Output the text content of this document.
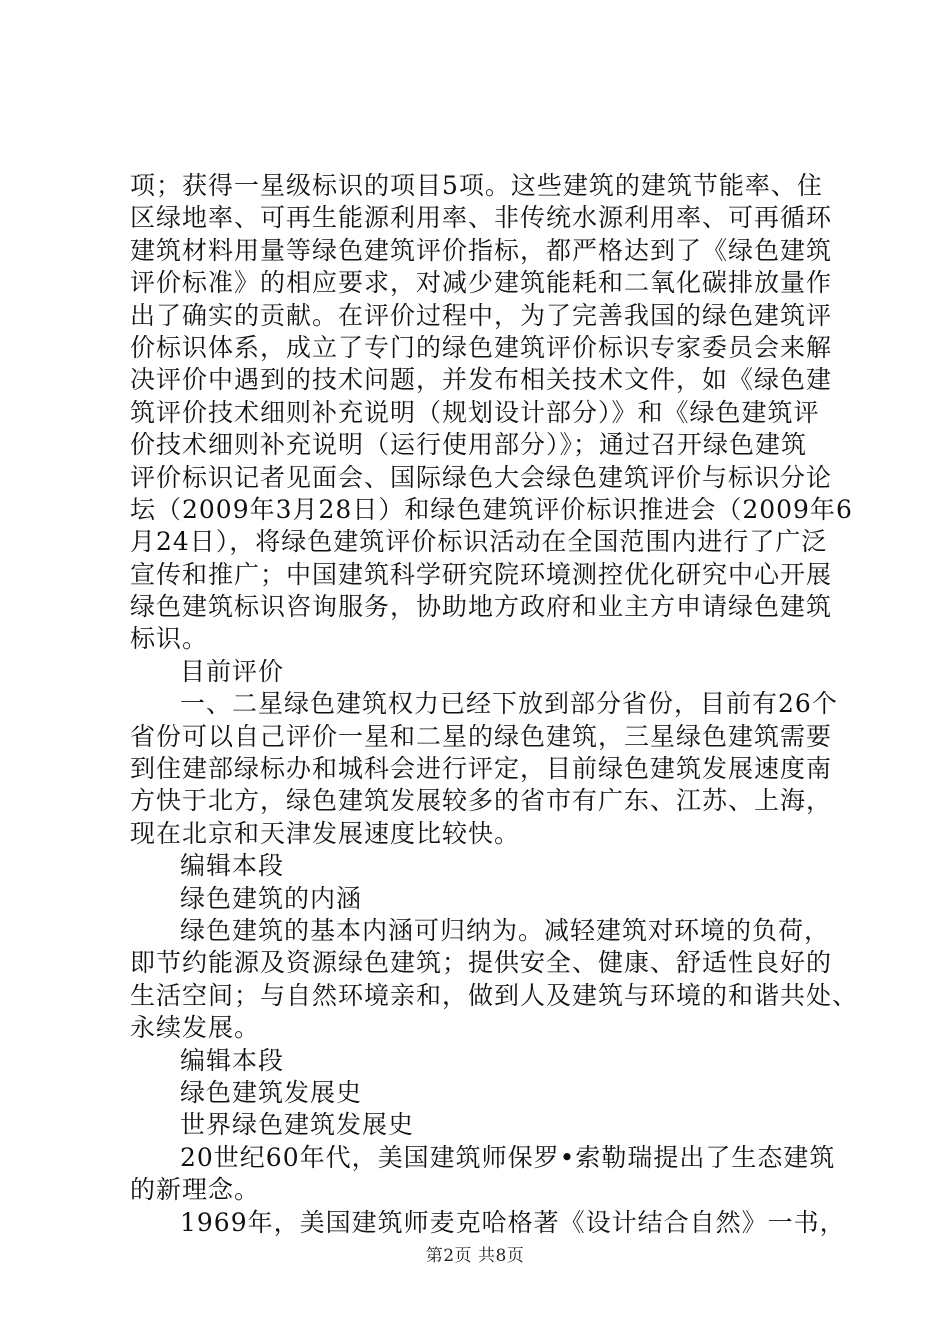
项；获得一星级标识的项目5项。这些建筑的建筑节能率、住
区绿地率、可再生能源利用率、非传统水源利用率、可再循环
建筑材料用量等绿色建筑评价指标，都严格达到了《绿色建筑
评价标准》的相应要求，对减少建筑能耗和二氧化碳排放量作
出了确实的贡献。在评价过程中，为了完善我国的绿色建筑评
价标识体系，成立了专门的绿色建筑评价标识专家委员会来解
决评价中遇到的技术问题，并发布相关技术文件，如《绿色建
筑评价技术细则补充说明（规划设计部分）》和《绿色建筑评
价技术细则补充说明（运行使用部分）》；通过召开绿色建筑
评价标识记者见面会、国际绿色大会绿色建筑评价与标识分论
坛（2009年3月28日）和绿色建筑评价标识推进会（2009年6
月24日），将绿色建筑评价标识活动在全国范围内进行了广泛
宣传和推广；中国建筑科学研究院环境测控优化研究中心开展
绿色建筑标识咨询服务，协助地方政府和业主方申请绿色建筑
标识。
目前评价
一、二星绿色建筑权力已经下放到部分省份，目前有26个
省份可以自己评价一星和二星的绿色建筑，三星绿色建筑需要
到住建部绿标办和城科会进行评定，目前绿色建筑发展速度南
方快于北方，绿色建筑发展较多的省市有广东、江苏、上海，
现在北京和天津发展速度比较快。
编辑本段
绿色建筑的内涵
绿色建筑的基本内涵可归纳为。减轻建筑对环境的负荷，
即节约能源及资源绿色建筑；提供安全、健康、舒适性良好的
生活空间；与自然环境亲和，做到人及建筑与环境的和谐共处、
永续发展。
编辑本段
绿色建筑发展史
世界绿色建筑发展史
20世纪60年代，美国建筑师保罗•索勒瑞提出了生态建筑
的新理念。
1969年，美国建筑师麦克哈格著《设计结合自然》一书，
第2页 共8页
